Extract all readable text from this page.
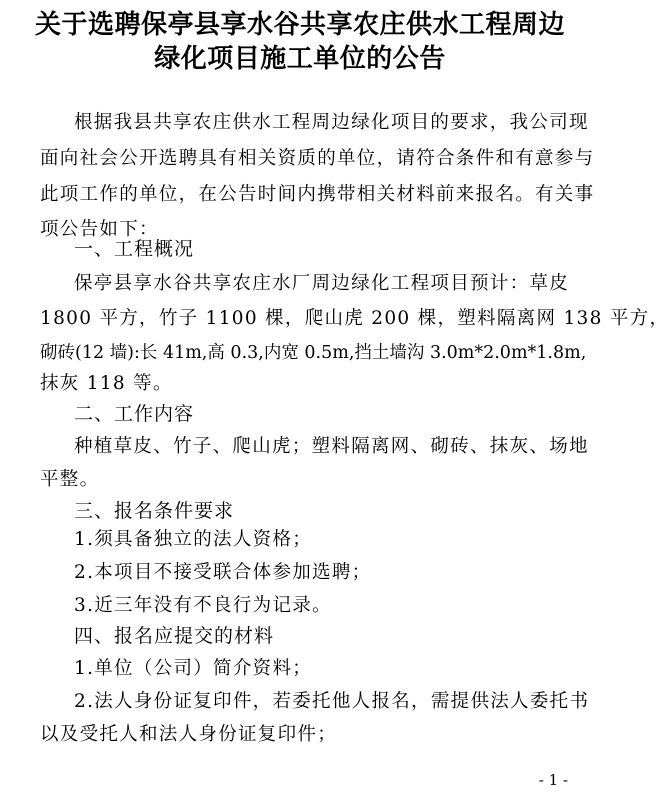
关于选聘保亭县享水谷共享农庄供水工程周边
绿化项目施工单位的公告
根据我县共享农庄供水工程周边绿化项目的要求，我公司现
面向社会公开选聘具有相关资质的单位，请符合条件和有意参与
此项工作的单位，在公告时间内携带相关材料前来报名。有关事
项公告如下：
一、工程概况
保亭县享水谷共享农庄水厂周边绿化工程项目预计：草皮
1800 平方，竹子 1100 棵，爬山虎 200 棵，塑料隔离网 138 平方，
砌砖(12 墙):长 41m,高 0.3,内宽 0.5m,挡土墙沟 3.0m*2.0m*1.8m,
抹灰 118 等。
二、工作内容
种植草皮、竹子、爬山虎；塑料隔离网、砌砖、抹灰、场地
平整。
三、报名条件要求
1.须具备独立的法人资格；
2.本项目不接受联合体参加选聘；
3.近三年没有不良行为记录。
四、报名应提交的材料
1.单位（公司）简介资料；
2.法人身份证复印件，若委托他人报名，需提供法人委托书
以及受托人和法人身份证复印件；
- 1 -
